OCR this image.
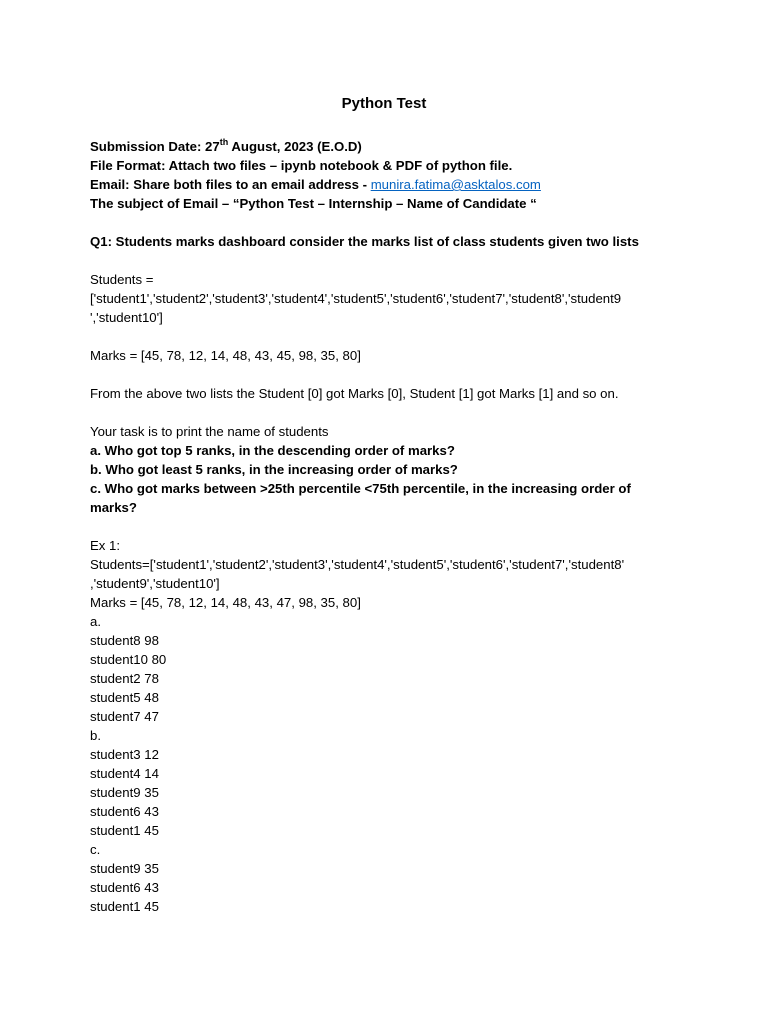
Python Test
Submission Date: 27th August, 2023 (E.O.D)
File Format: Attach two files – ipynb notebook & PDF of python file.
Email: Share both files to an email address - munira.fatima@asktalos.com
The subject of Email – “Python Test – Internship – Name of Candidate “
Q1: Students marks dashboard consider the marks list of class students given two lists
Students =
['student1','student2','student3','student4','student5','student6','student7','student8','student9
','student10']
Marks = [45, 78, 12, 14, 48, 43, 45, 98, 35, 80]
From the above two lists the Student [0] got Marks [0], Student [1] got Marks [1] and so on.
Your task is to print the name of students
a. Who got top 5 ranks, in the descending order of marks?
b. Who got least 5 ranks, in the increasing order of marks?
c. Who got marks between >25th percentile <75th percentile, in the increasing order of
marks?
Ex 1:
Students=['student1','student2','student3','student4','student5','student6','student7','student8'
,'student9','student10']
Marks = [45, 78, 12, 14, 48, 43, 47, 98, 35, 80]
a.
student8 98
student10 80
student2 78
student5 48
student7 47
b.
student3 12
student4 14
student9 35
student6 43
student1 45
c.
student9 35
student6 43
student1 45
